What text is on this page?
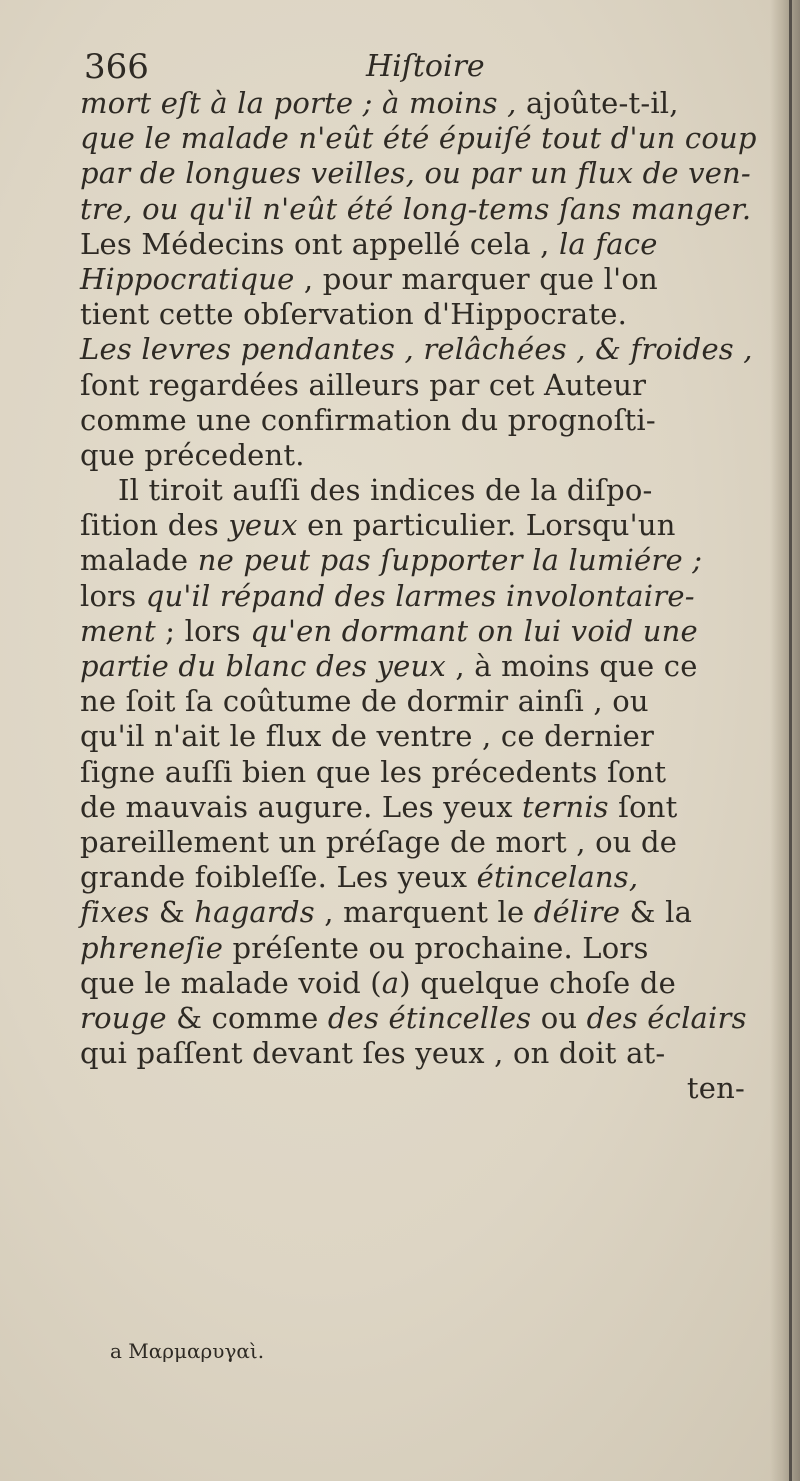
366	Hiſtoire
mort eſt à la porte ; à moins , ajoûte-t-il,
que le malade n'eût été épuiſé tout d'un coup
par de longues veilles, ou par un flux de ven-
tre, ou qu'il n'eût été long-tems ſans manger.
Les Médecins ont appellé cela , la face
Hippocratique , pour marquer que l'on
tient cette obſervation d'Hippocrate.
Les levres pendantes , relâchées , & froides ,
ſont regardées ailleurs par cet Auteur
comme une confirmation du prognoſti-
que précedent.
Il tiroit auſſi des indices de la diſpo-
ſition des yeux en particulier. Lorsqu'un
malade ne peut pas ſupporter la lumiére ;
lors qu'il répand des larmes involontaire-
ment ; lors qu'en dormant on lui void une
partie du blanc des yeux , à moins que ce
ne ſoit ſa coûtume de dormir ainſi , ou
qu'il n'ait le flux de ventre , ce dernier
ſigne auſſi bien que les précedents ſont
de mauvais augure. Les yeux ternis ſont
pareillement un préſage de mort , ou de
grande foibleſſe. Les yeux étincelans,
fixes & hagards , marquent le délire & la
phreneſie préſente ou prochaine. Lors
que le malade void (a) quelque choſe de
rouge & comme des étincelles ou des éclairs
qui paſſent devant ſes yeux , on doit at-
ten-
a Μαρμαρυγαὶ.
